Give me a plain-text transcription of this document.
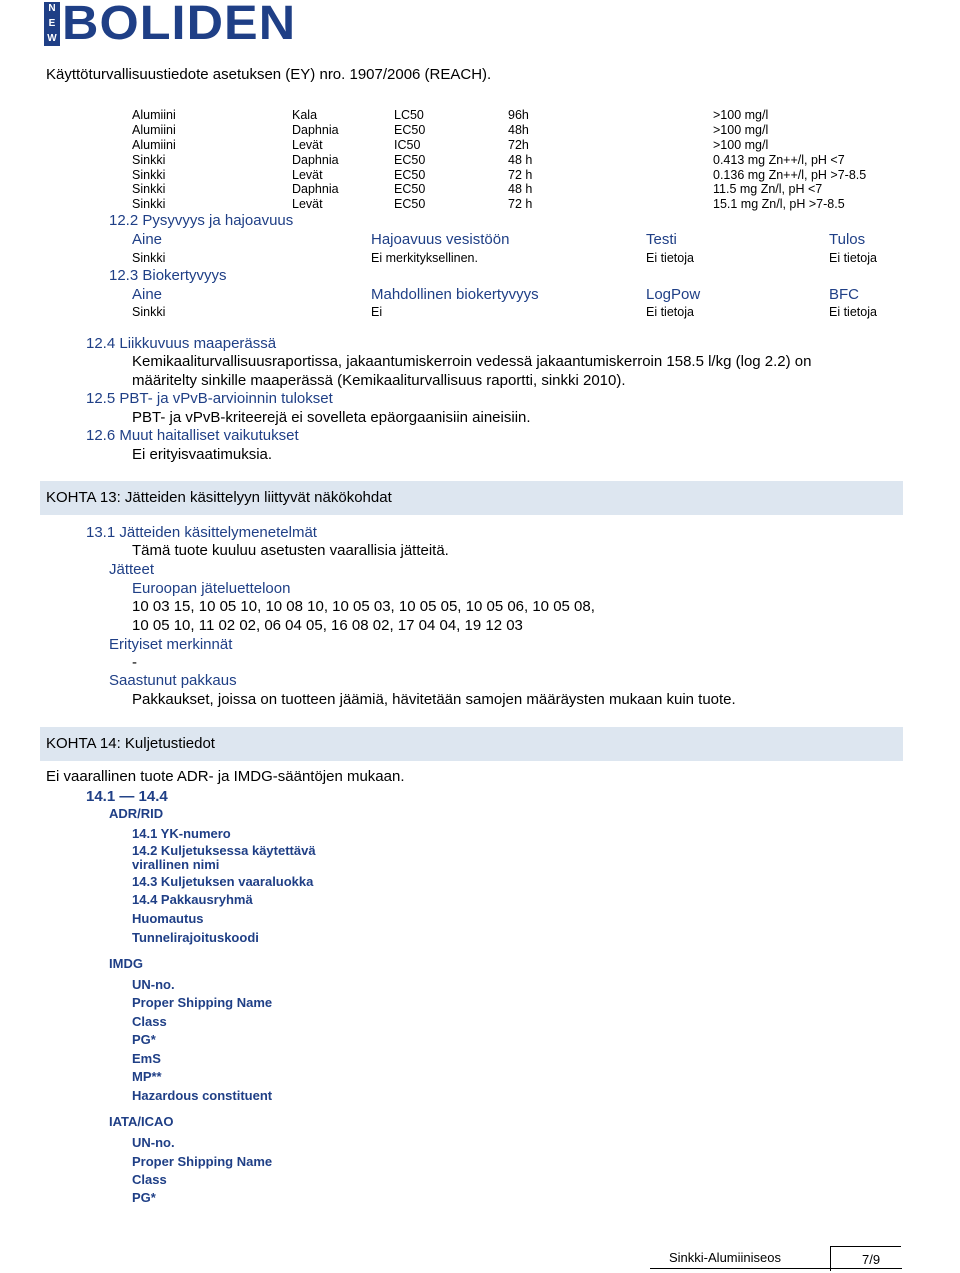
N
E
W BOLIDEN
Käyttöturvallisuustiedote asetuksen (EY) nro. 1907/2006 (REACH).
Alumiini	Kala	LC50	96h	>100 mg/l
Alumiini	Daphnia	EC50	48h	>100 mg/l
Alumiini	Levät	IC50	72h	>100 mg/l
Sinkki	Daphnia	EC50	48 h	0.413 mg Zn++/l, pH <7
Sinkki	Levät	EC50	72 h	0.136 mg Zn++/l, pH >7-8.5
Sinkki	Daphnia	EC50	48 h	11.5 mg Zn/l, pH <7
Sinkki	Levät	EC50	72 h	15.1 mg Zn/l, pH >7-8.5
12.2 Pysyvyys ja hajoavuus
Aine	Hajoavuus vesistöön	Testi	Tulos
Sinkki	Ei merkityksellinen.	Ei tietoja	Ei tietoja
12.3 Biokertyvyys
Aine	Mahdollinen biokertyvyys	LogPow	BFC
Sinkki	Ei	Ei tietoja	Ei tietoja
12.4 Liikkuvuus maaperässä
Kemikaaliturvallisuusraportissa, jakaantumiskerroin vedessä jakaantumiskerroin 158.5 l/kg (log 2.2) on
määritelty sinkille maaperässä (Kemikaaliturvallisuus raportti, sinkki 2010).
12.5 PBT- ja vPvB-arvioinnin tulokset
PBT- ja vPvB-kriteerejä ei sovelleta epäorgaanisiin aineisiin.
12.6 Muut haitalliset vaikutukset
Ei erityisvaatimuksia.
KOHTA 13: Jätteiden käsittelyyn liittyvät näkökohdat
13.1 Jätteiden käsittelymenetelmät
Tämä tuote kuuluu asetusten vaarallisia jätteitä.
Jätteet
Euroopan jäteluetteloon
10 03 15, 10 05 10, 10 08 10, 10 05 03, 10 05 05, 10 05 06, 10 05 08,
10 05 10, 11 02 02, 06 04 05, 16 08 02, 17 04 04, 19 12 03
Erityiset merkinnät
-
Saastunut pakkaus
Pakkaukset, joissa on tuotteen jäämiä, hävitetään samojen määräysten mukaan kuin tuote.
KOHTA 14: Kuljetustiedot
Ei vaarallinen tuote ADR- ja IMDG-sääntöjen mukaan.
14.1 — 14.4
ADR/RID
14.1 YK-numero
14.2 Kuljetuksessa käytettävä
virallinen nimi
14.3 Kuljetuksen vaaraluokka
14.4 Pakkausryhmä
Huomautus
Tunnelirajoituskoodi
IMDG
UN-no.
Proper Shipping Name
Class
PG*
EmS
MP**
Hazardous constituent
IATA/ICAO
UN-no.
Proper Shipping Name
Class
PG*
Sinkki-Alumiiniseos	7/9
